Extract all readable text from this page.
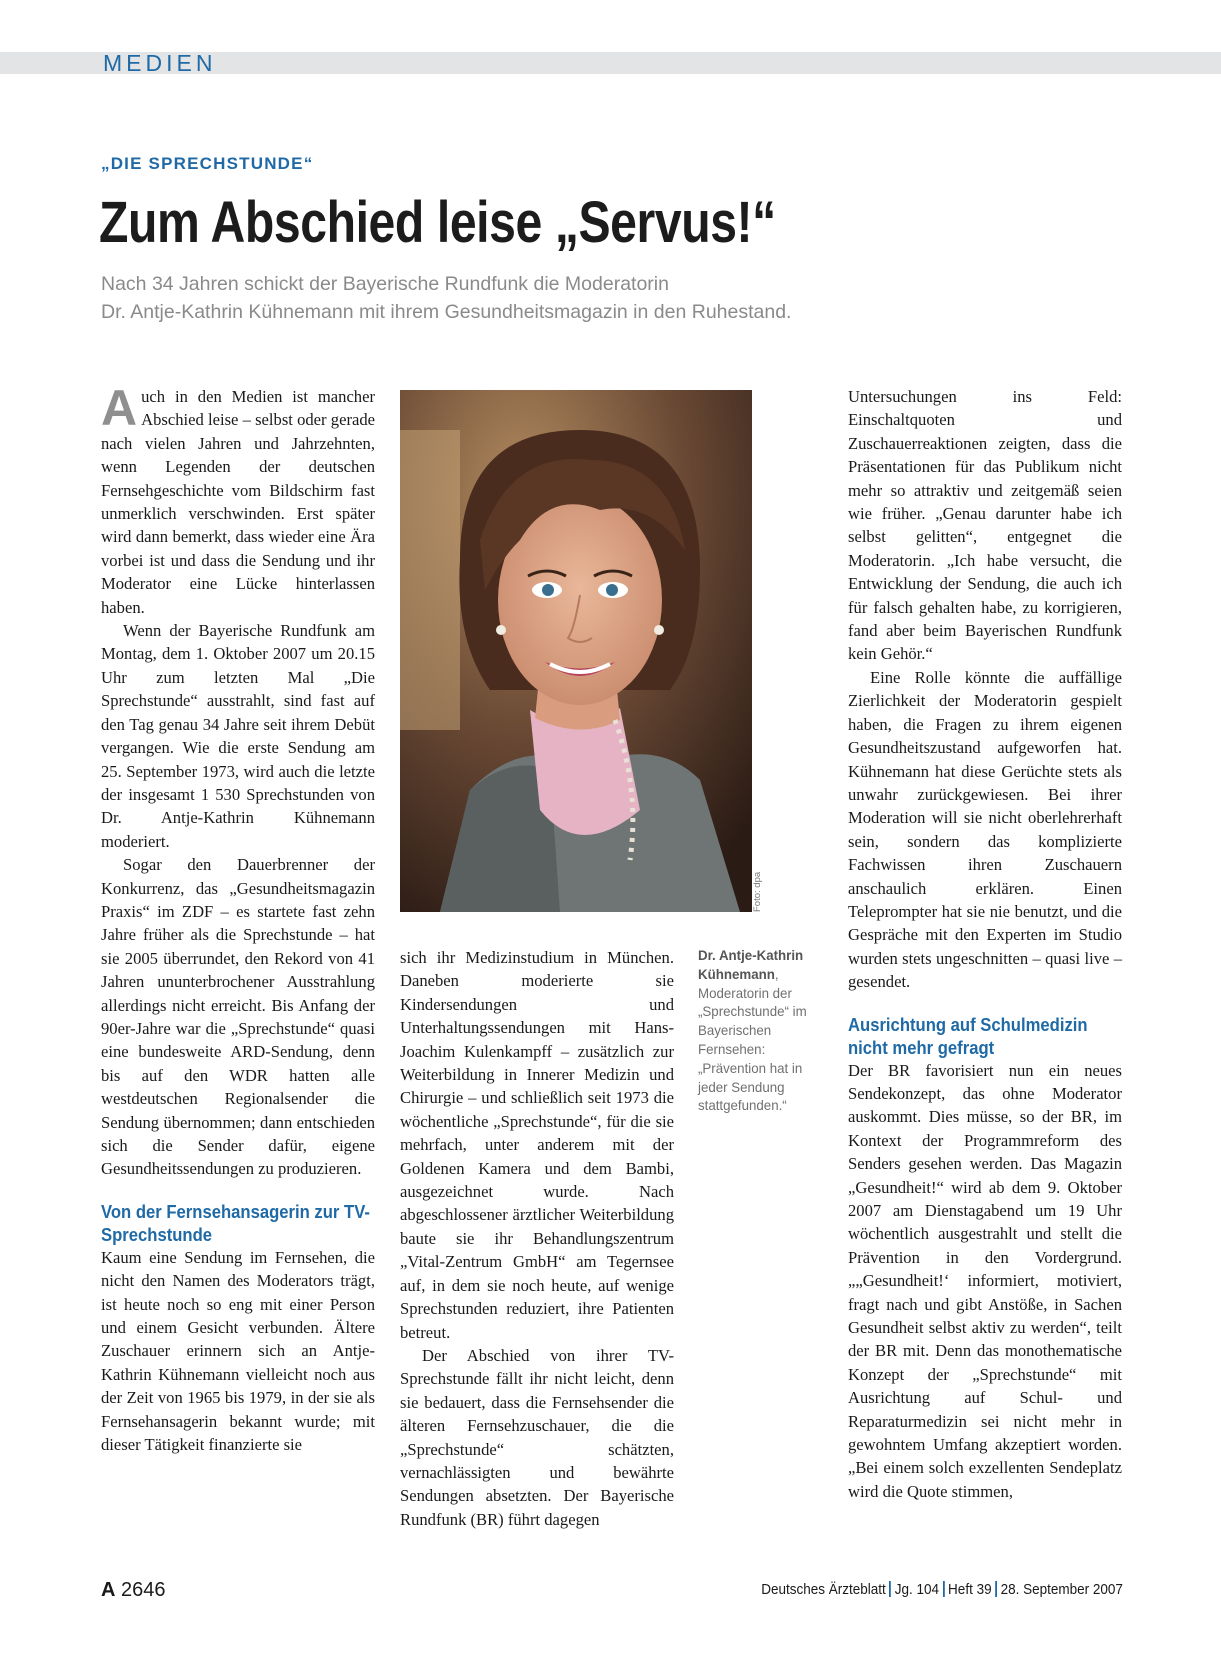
MEDIEN
„DIE SPRECHSTUNDE“
Zum Abschied leise „Servus!“
Nach 34 Jahren schickt der Bayerische Rundfunk die Moderatorin
Dr. Antje-Kathrin Kühnemann mit ihrem Gesundheitsmagazin in den Ruhestand.

Auch in den Medien ist mancher Abschied leise – selbst oder gerade nach vielen Jahren und Jahrzehnten, wenn Legenden der deutschen Fernsehgeschichte vom Bildschirm fast unmerklich verschwinden. Erst später wird dann bemerkt, dass wieder eine Ära vorbei ist und dass die Sendung und ihr Moderator eine Lücke hinterlassen haben.

Wenn der Bayerische Rundfunk am Montag, dem 1. Oktober 2007 um 20.15 Uhr zum letzten Mal „Die Sprechstunde“ ausstrahlt, sind fast auf den Tag genau 34 Jahre seit ihrem Debüt vergangen. Wie die erste Sendung am 25. September 1973, wird auch die letzte der insgesamt 1 530 Sprechstunden von Dr. Antje-Kathrin Kühnemann moderiert.

Sogar den Dauerbrenner der Konkurrenz, das „Gesundheitsmagazin Praxis“ im ZDF – es startete fast zehn Jahre früher als die Sprechstunde – hat sie 2005 überrundet, den Rekord von 41 Jahren ununterbrochener Ausstrahlung allerdings nicht erreicht. Bis Anfang der 90er-Jahre war die „Sprechstunde“ quasi eine bundesweite ARD-Sendung, denn bis auf den WDR hatten alle westdeutschen Regionalsender die Sendung übernommen; dann entschieden sich die Sender dafür, eigene Gesundheitssendungen zu produzieren.

Von der Fernsehansagerin zur TV-Sprechstunde

Kaum eine Sendung im Fernsehen, die nicht den Namen des Moderators trägt, ist heute noch so eng mit einer Person und einem Gesicht verbunden. Ältere Zuschauer erinnern sich an Antje-Kathrin Kühnemann vielleicht noch aus der Zeit von 1965 bis 1979, in der sie als Fernsehansagerin bekannt wurde; mit dieser Tätigkeit finanzierte sie

Foto: dpa
Dr. Antje-Kathrin Kühnemann, Moderatorin der „Sprechstunde“ im Bayerischen Fernsehen: „Prävention hat in jeder Sendung stattgefunden.“

sich ihr Medizinstudium in München. Daneben moderierte sie Kindersendungen und Unterhaltungssendungen mit Hans-Joachim Kulenkampff – zusätzlich zur Weiterbildung in Innerer Medizin und Chirurgie – und schließlich seit 1973 die wöchentliche „Sprechstunde“, für die sie mehrfach, unter anderem mit der Goldenen Kamera und dem Bambi, ausgezeichnet wurde. Nach abgeschlossener ärztlicher Weiterbildung baute sie ihr Behandlungszentrum „Vital-Zentrum GmbH“ am Tegernsee auf, in dem sie noch heute, auf wenige Sprechstunden reduziert, ihre Patienten betreut.

Der Abschied von ihrer TV-Sprechstunde fällt ihr nicht leicht, denn sie bedauert, dass die Fernsehsender die älteren Fernsehzuschauer, die die „Sprechstunde“ schätzten, vernachlässigten und bewährte Sendungen absetzten. Der Bayerische Rundfunk (BR) führt dagegen

Untersuchungen ins Feld: Einschaltquoten und Zuschauerreaktionen zeigten, dass die Präsentationen für das Publikum nicht mehr so attraktiv und zeitgemäß seien wie früher. „Genau darunter habe ich selbst gelitten“, entgegnet die Moderatorin. „Ich habe versucht, die Entwicklung der Sendung, die auch ich für falsch gehalten habe, zu korrigieren, fand aber beim Bayerischen Rundfunk kein Gehör.“

Eine Rolle könnte die auffällige Zierlichkeit der Moderatorin gespielt haben, die Fragen zu ihrem eigenen Gesundheitszustand aufgeworfen hat. Kühnemann hat diese Gerüchte stets als unwahr zurückgewiesen. Bei ihrer Moderation will sie nicht oberlehrerhaft sein, sondern das komplizierte Fachwissen ihren Zuschauern anschaulich erklären. Einen Teleprompter hat sie nie benutzt, und die Gespräche mit den Experten im Studio wurden stets ungeschnitten – quasi live – gesendet.

Ausrichtung auf Schulmedizin nicht mehr gefragt

Der BR favorisiert nun ein neues Sendekonzept, das ohne Moderator auskommt. Dies müsse, so der BR, im Kontext der Programmreform des Senders gesehen werden. Das Magazin „Gesundheit!“ wird ab dem 9. Oktober 2007 am Dienstagabend um 19 Uhr wöchentlich ausgestrahlt und stellt die Prävention in den Vordergrund. „„Gesundheit!‘ informiert, motiviert, fragt nach und gibt Anstöße, in Sachen Gesundheit selbst aktiv zu werden“, teilt der BR mit. Denn das monothematische Konzept der „Sprechstunde“ mit Ausrichtung auf Schul- und Reparaturmedizin sei nicht mehr in gewohntem Umfang akzeptiert worden. „Bei einem solch exzellenten Sendeplatz wird die Quote stimmen,

A 2646	Deutsches Ärzteblatt Jg. 104 Heft 39 28. September 2007
